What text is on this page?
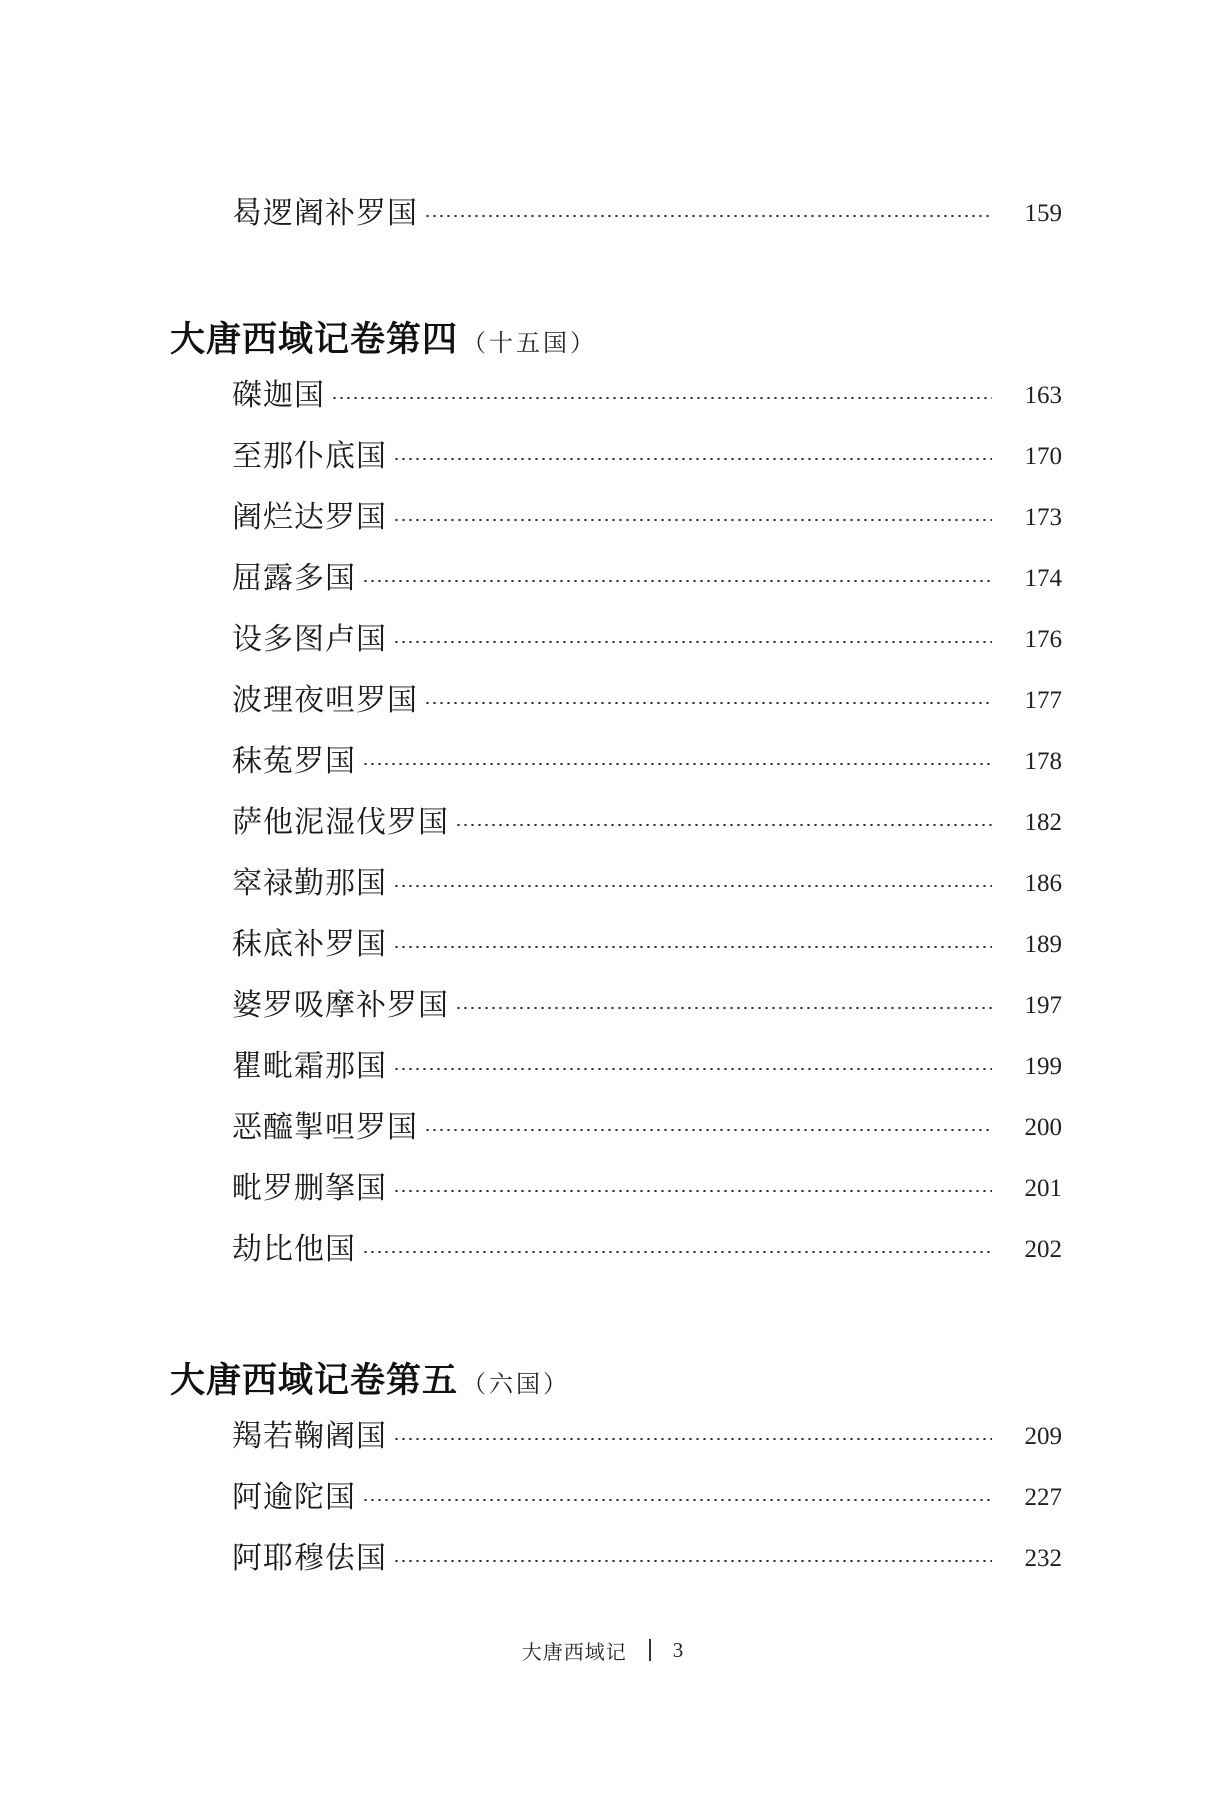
曷逻阇补罗国	159
大唐西域记卷第四 （十五国）
磔迦国	163
至那仆底国	170
阇烂达罗国	173
屈露多国	174
设多图卢国	176
波理夜呾罗国	177
秣菟罗国	178
萨他泥湿伐罗国	182
窣禄勤那国	186
秣底补罗国	189
婆罗吸摩补罗国	197
瞿毗霜那国	199
恶醯掣呾罗国	200
毗罗删拏国	201
劫比他国	202
大唐西域记卷第五 （六国）
羯若鞠阇国	209
阿逾陀国	227
阿耶穆佉国	232
大唐西域记 3
